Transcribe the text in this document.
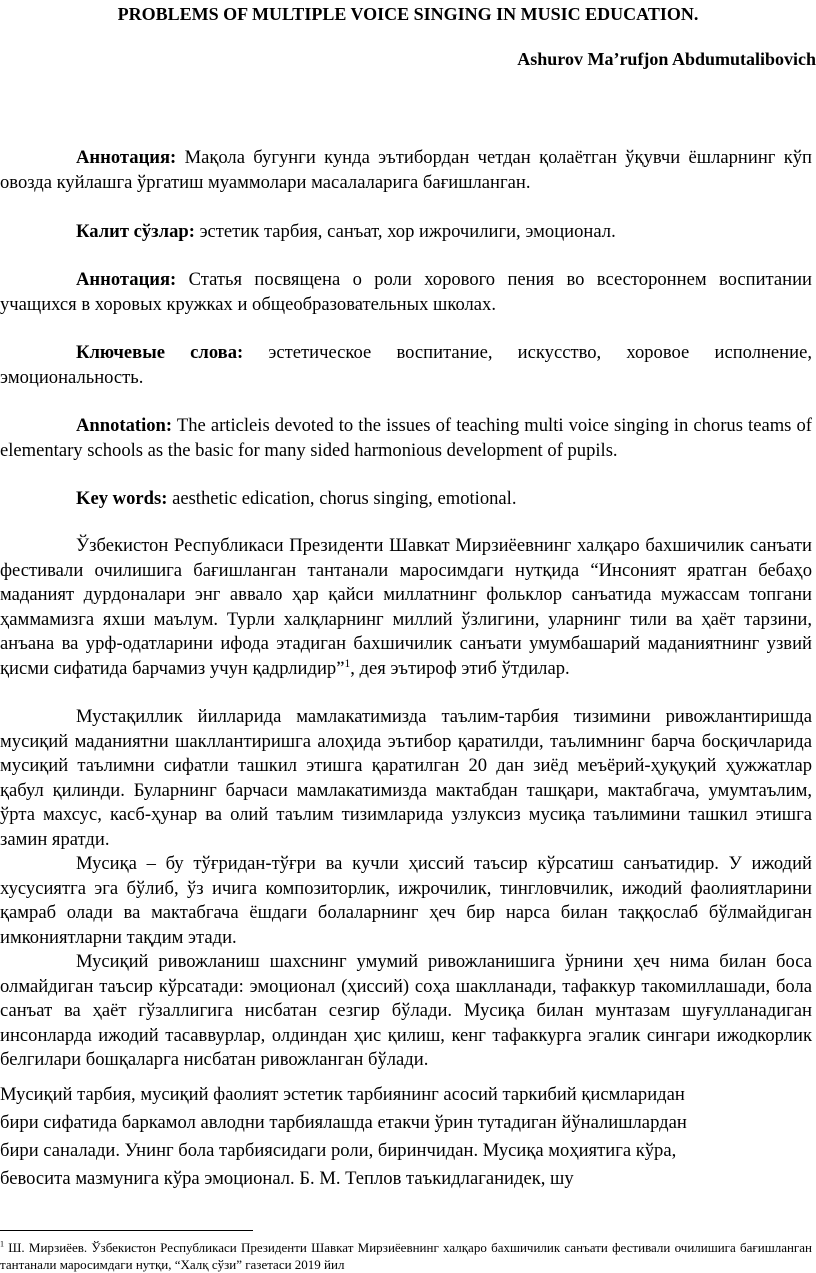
PROBLEMS OF MULTIPLE VOICE SINGING IN MUSIC EDUCATION.
Ashurov Ma’rufjon Abdumutalibovich
Аннотация: Мақола бугунги кунда эътибордан четдан қолаётган ўқувчи ёшларнинг кўп овозда куйлашга ўргатиш муаммолари масалаларига бағишланган.
Калит сўзлар: эстетик тарбия, санъат, хор ижрочилиги, эмоционал.
Аннотация: Статья посвящена о роли хорового пения во всестороннем воспитании учащихся в хоровых кружках и общеобразовательных школах.
Ключевые слова: эстетическое воспитание, искусство, хоровое исполнение, эмоциональность.
Annotation: The articleis devoted to the issues of teaching multi voice singing in chorus teams of elementary schools as the basic for many sided harmonious development of pupils.
Key words: aesthetic edication, chorus singing, emotional.
Ўзбекистон Республикаси Президенти Шавкат Мирзиёевнинг халқаро бахшичилик санъати фестивали очилишига бағишланган тантанали маросимдаги нутқида “Инсоният яратган бебаҳо маданият дурдоналари энг аввало ҳар қайси миллатнинг фольклор санъатида мужассам топгани ҳаммамизга яхши маълум. Турли халқларнинг миллий ўзлигини, уларнинг тили ва ҳаёт тарзини, анъана ва урф-одатларини ифода этадиган бахшичилик санъати умумбашарий маданиятнинг узвий қисми сифатида барчамиз учун қадрлидир”$^1$, дея эътироф этиб ўтдилар.
Мустақиллик йилларида мамлакатимизда таълим-тарбия тизимини ривожлантиришда мусиқий маданиятни шакллантиришга алоҳида эътибор қаратилди, таълимнинг барча босқичларида мусиқий таълимни сифатли ташкил этишга қаратилган 20 дан зиёд меъёрий-ҳуқуқий ҳужжатлар қабул қилинди. Буларнинг барчаси мамлакатимизда мактабдан ташқари, мактабгача, умумтаълим, ўрта махсус, касб-ҳунар ва олий таълим тизимларида узлуксиз мусиқа таълимини ташкил этишга замин яратди.
Мусиқа – бу тўғридан-тўғри ва кучли ҳиссий таъсир кўрсатиш санъатидир. У ижодий хусусиятга эга бўлиб, ўз ичига композиторлик, ижрочилик, тингловчилик, ижодий фаолиятларини қамраб олади ва мактабгача ёшдаги болаларнинг ҳеч бир нарса билан таққослаб бўлмайдиган имкониятларни тақдим этади.
Мусиқий ривожланиш шахснинг умумий ривожланишига ўрнини ҳеч нима билан боса олмайдиган таъсир кўрсатади: эмоционал (ҳиссий) соҳа шаклланади, тафаккур такомиллашади, бола санъат ва ҳаёт гўзаллигига нисбатан сезгир бўлади. Мусиқа билан мунтазам шуғулланадиган инсонларда ижодий тасаввурлар, олдиндан ҳис қилиш, кенг тафаккурга эгалик сингари ижодкорлик белгилари бошқаларга нисбатан ривожланган бўлади.
Мусиқий тарбия, мусиқий фаолият эстетик тарбиянинг асосий таркибий қисмларидан
бири сифатида баркамол авлодни тарбиялашда етакчи ўрин тутадиган йўналишлардан
бири саналади. Унинг бола тарбиясидаги роли, биринчидан. Мусиқа моҳиятига кўра,
бевосита мазмунига кўра эмоционал. Б. М. Теплов таъкидлаганидек, шу
$^1$ Ш. Мирзиёев. Ўзбекистон Республикаси Президенти Шавкат Мирзиёевнинг халқаро бахшичилик санъати фестивали очилишига бағишланган тантанали маросимдаги нутқи, “Халқ сўзи” газетаси 2019 йил
